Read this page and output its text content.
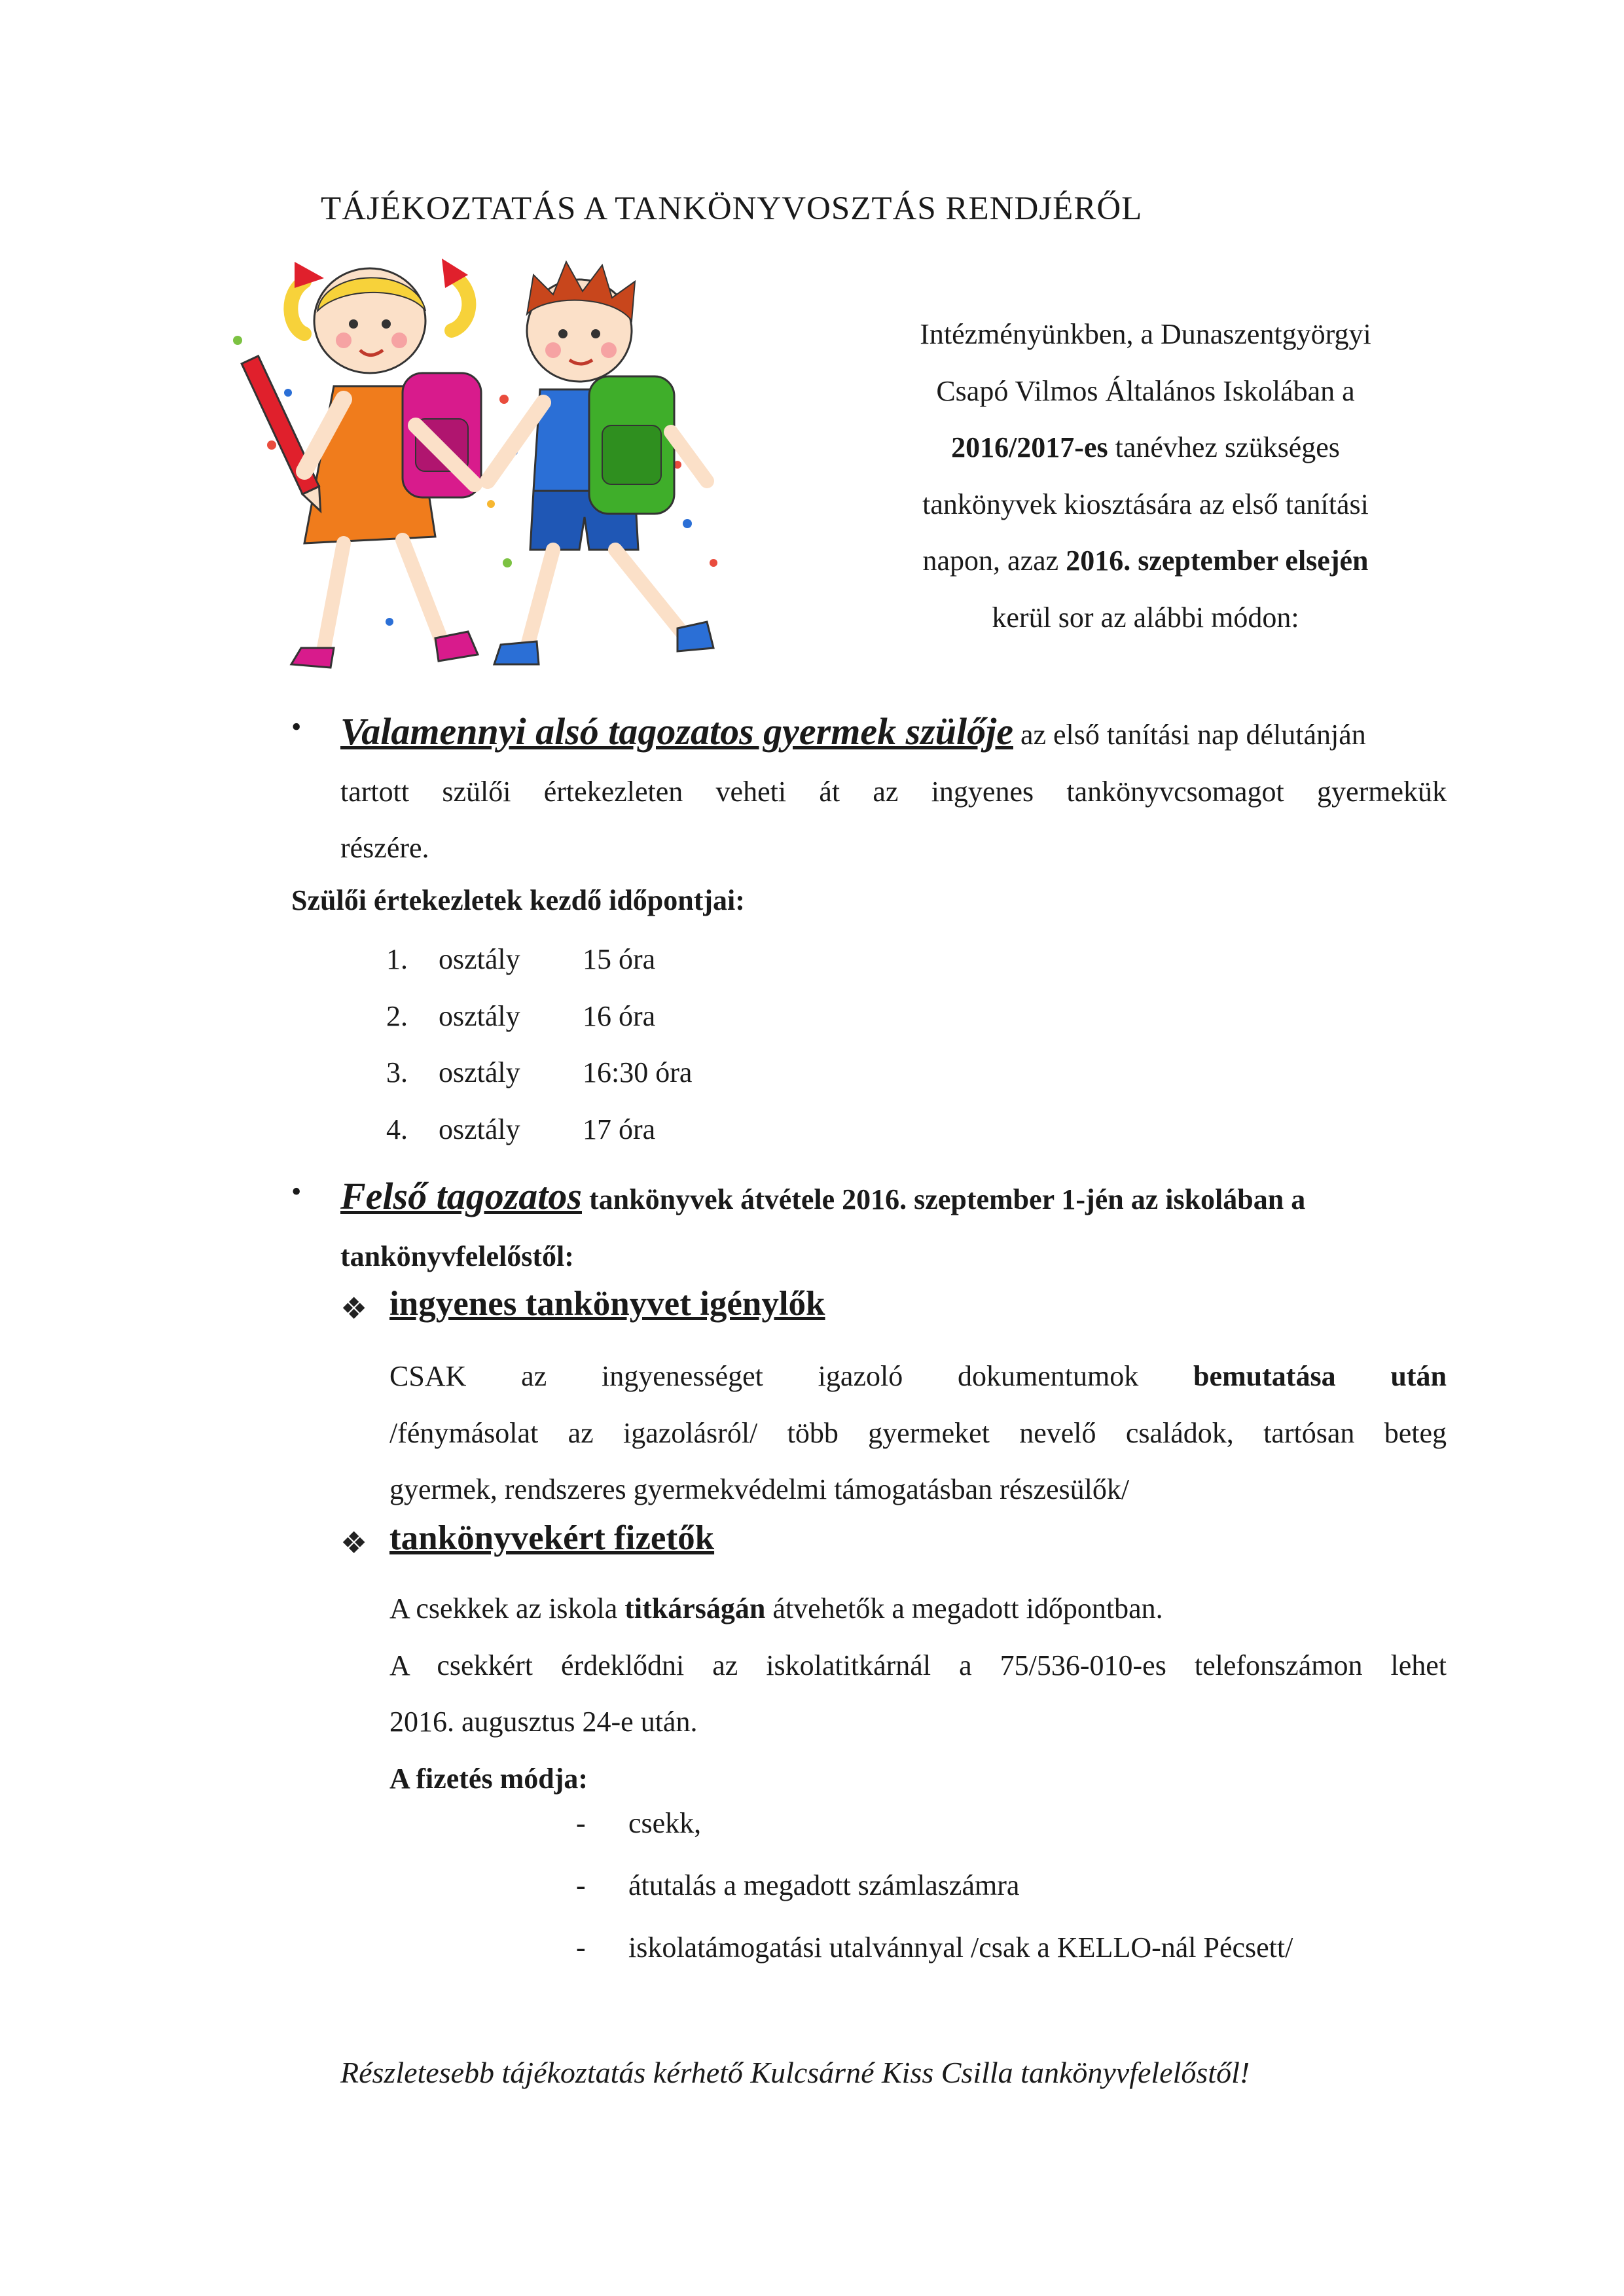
TÁJÉKOZTATÁS A TANKÖNYVOSZTÁS RENDJÉRŐL

Intézményünkben, a Dunaszentgyörgyi

Csapó Vilmos Általános Iskolában a

2016/2017-es tanévhez szükséges

tankönyvek kiosztására az első tanítási

napon, azaz 2016. szeptember elsején

kerül sor az alábbi módon:

• Valamennyi alsó tagozatos gyermek szülője az első tanítási nap délutánján
tartott szülői értekezleten veheti át az ingyenes tankönyvcsomagot gyermekük
részére.
Szülői értekezletek kezdő időpontjai:
1. osztály 15 óra
2. osztály 16 óra
3. osztály 16:30 óra
4. osztály 17 óra
• Felső tagozatos tankönyvek átvétele 2016. szeptember 1-jén az iskolában a
tankönyvfelelőstől:
❖ ingyenes tankönyvet igénylők
CSAK az ingyenességet igazoló dokumentumok bemutatása után
/fénymásolat az igazolásról/ több gyermeket nevelő családok, tartósan beteg
gyermek, rendszeres gyermekvédelmi támogatásban részesülők/
❖ tankönyvekért fizetők
A csekkek az iskola titkárságán átvehetők a megadott időpontban.
A csekkért érdeklődni az iskolatitkárnál a 75/536-010-es telefonszámon lehet
2016. augusztus 24-e után.
A fizetés módja:
- csekk,
- átutalás a megadott számlaszámra
- iskolatámogatási utalvánnyal /csak a KELLO-nál Pécsett/
Részletesebb tájékoztatás kérhető Kulcsárné Kiss Csilla tankönyvfelelőstől!
